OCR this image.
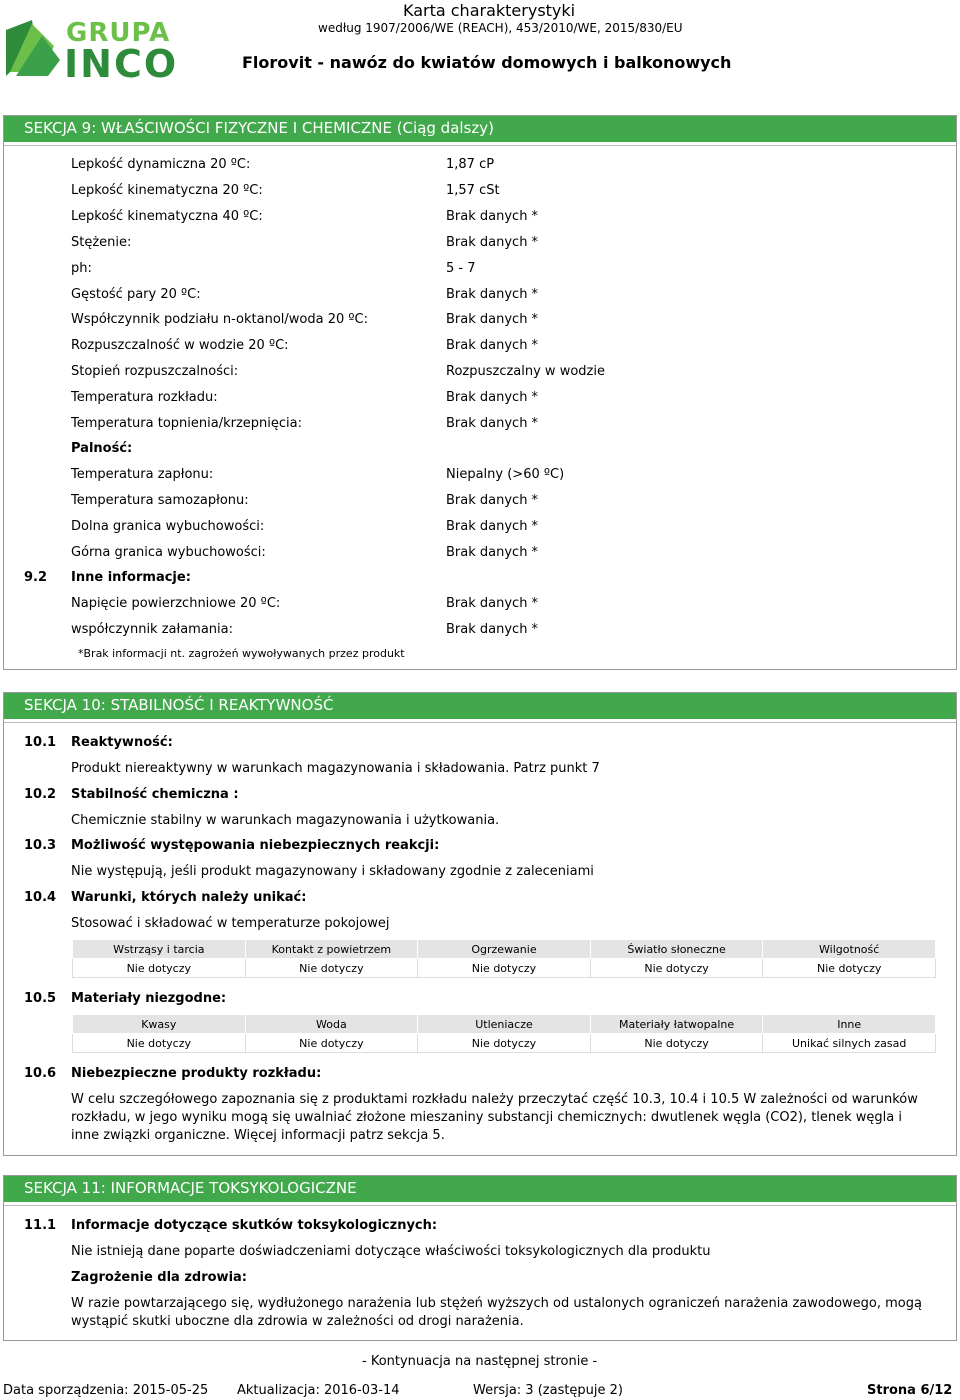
GRUPA
INCO
Karta charakterystyki
według 1907/2006/WE (REACH), 453/2010/WE, 2015/830/EU
Florovit - nawóz do kwiatów domowych i balkonowych
SEKCJA 9: WŁAŚCIWOŚCI FIZYCZNE I CHEMICZNE (Ciąg dalszy)
Lepkość dynamiczna 20 ºC:	1,87 cP
Lepkość kinematyczna 20 ºC:	1,57 cSt
Lepkość kinematyczna 40 ºC:	Brak danych *
Stężenie:	Brak danych *
ph:	5 - 7
Gęstość pary 20 ºC:	Brak danych *
Współczynnik podziału n-oktanol/woda 20 ºC:	Brak danych *
Rozpuszczalność w wodzie 20 ºC:	Brak danych *
Stopień rozpuszczalności:	Rozpuszczalny w wodzie
Temperatura rozkładu:	Brak danych *
Temperatura topnienia/krzepnięcia:	Brak danych *
Temperatura zapłonu:	Niepalny (>60 ºC)
Temperatura samozapłonu:	Brak danych *
Dolna granica wybuchowości:	Brak danych *
Górna granica wybuchowości:	Brak danych *
Napięcie powierzchniowe 20 ºC:	Brak danych *
współczynnik załamania:	Brak danych *
9.2 Inne informacje:
Palność:
*Brak informacji nt. zagrożeń wywoływanych przez produkt
SEKCJA 10: STABILNOŚĆ I REAKTYWNOŚĆ
10.1 Reaktywność:
Produkt niereaktywny w warunkach magazynowania i składowania. Patrz punkt 7
10.2 Stabilność chemiczna :
Chemicznie stabilny w warunkach magazynowania i użytkowania.
10.3 Możliwość występowania niebezpiecznych reakcji:
Nie występują, jeśli produkt magazynowany i składowany zgodnie z zaleceniami
10.4 Warunki, których należy unikać:
Stosować i składować w temperaturze pokojowej
Wstrząsy i tarcia	Kontakt z powietrzem	Ogrzewanie	Światło słoneczne	Wilgotność
Nie dotyczy	Nie dotyczy	Nie dotyczy	Nie dotyczy	Nie dotyczy
10.5 Materiały niezgodne:
Kwasy	Woda	Utleniacze	Materiały łatwopalne	Inne
Nie dotyczy	Nie dotyczy	Nie dotyczy	Nie dotyczy	Unikać silnych zasad
10.6 Niebezpieczne produkty rozkładu:
W celu szczegółowego zapoznania się z produktami rozkładu należy przeczytać część 10.3, 10.4 i 10.5 W zależności od warunków rozkładu, w jego wyniku mogą się uwalniać złożone mieszaniny substancji chemicznych: dwutlenek węgla (CO2), tlenek węgla i inne związki organiczne. Więcej informacji patrz sekcja 5.
SEKCJA 11: INFORMACJE TOKSYKOLOGICZNE
11.1 Informacje dotyczące skutków toksykologicznych:
Nie istnieją dane poparte doświadczeniami dotyczące właściwości toksykologicznych dla produktu
Zagrożenie dla zdrowia:
W razie powtarzającego się, wydłużonego narażenia lub stężeń wyższych od ustalonych ograniczeń narażenia zawodowego, mogą wystąpić skutki uboczne dla zdrowia w zależności od drogi narażenia.
- Kontynuacja na następnej stronie -
Data sporządzenia: 2015-05-25 Aktualizacja: 2016-03-14	Wersja: 3 (zastępuje 2)	Strona 6/12
